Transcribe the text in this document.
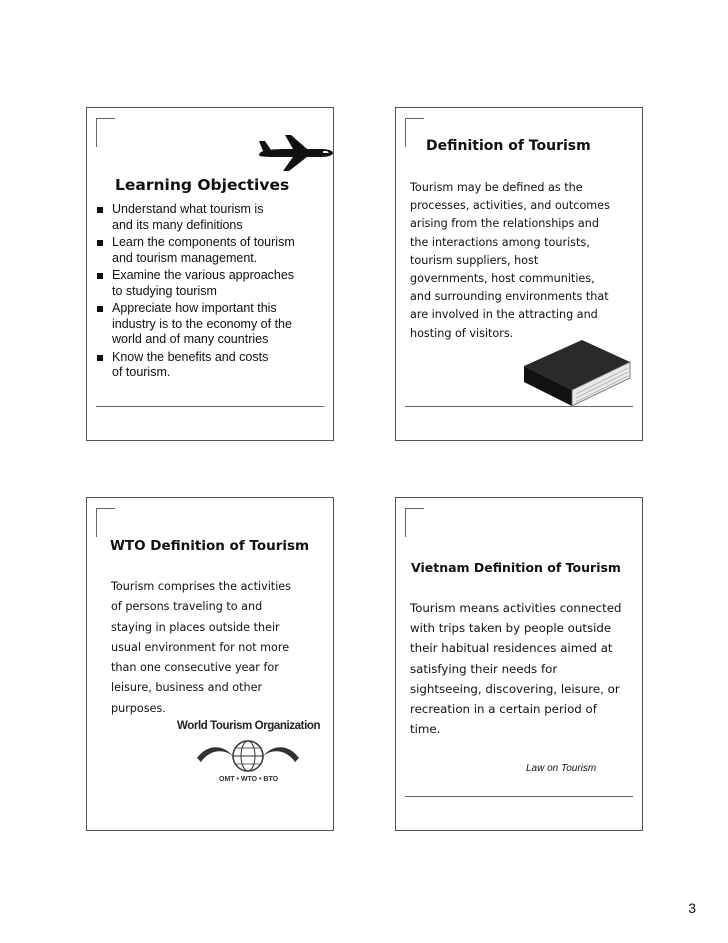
Learning Objectives
Understand what tourism is
and its many definitions
Learn the components of tourism
and tourism management.
Examine the various approaches
to studying tourism
Appreciate how important this
industry is to the economy of the
world and of many countries
Know the benefits and costs
of tourism.
Definition of Tourism
Tourism may be defined as the
processes, activities, and outcomes
arising from the relationships and
the interactions among tourists,
tourism suppliers, host
governments, host communities,
and surrounding environments that
are involved in the attracting and
hosting of visitors.
WTO Definition of Tourism
Tourism comprises the activities
of persons traveling to and
staying in places outside their
usual environment for not more
than one consecutive year for
leisure, business and other
purposes.
World Tourism Organization
OMT • WTO • BTO
Vietnam Definition of Tourism
Tourism means activities connected
with trips taken by people outside
their habitual residences aimed at
satisfying their needs for
sightseeing, discovering, leisure, or
recreation in a certain period of
time.
Law on Tourism
3
